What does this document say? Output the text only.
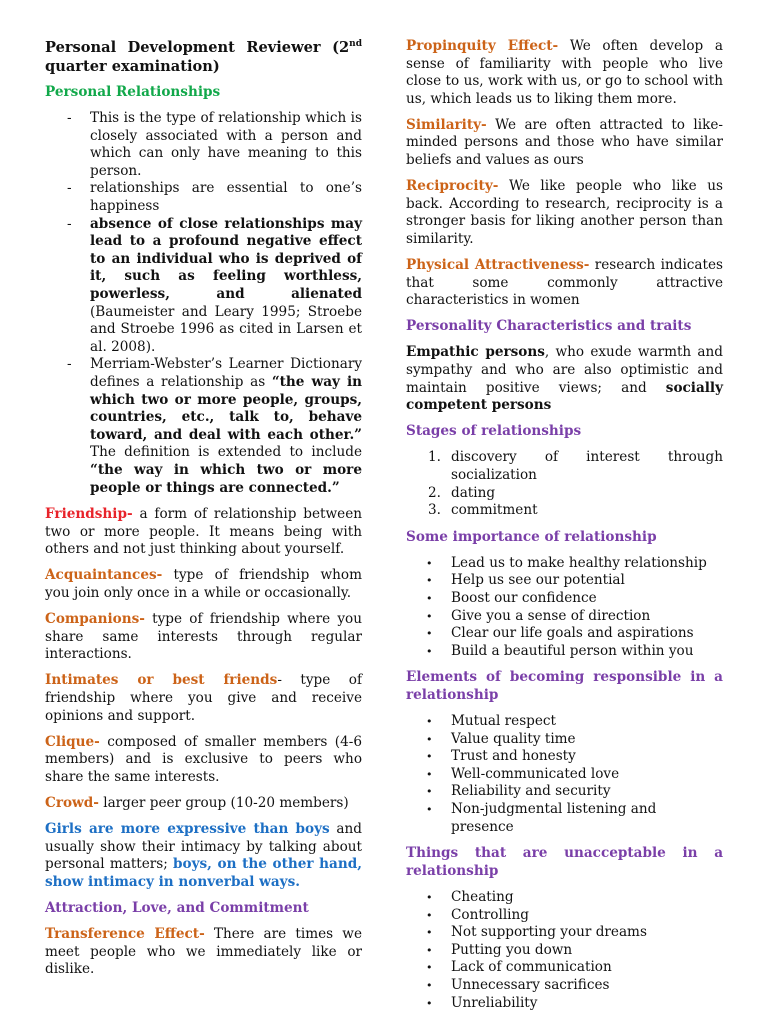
Personal Development Reviewer (2nd quarter examination)

Personal Relationships

- This is the type of relationship which is closely associated with a person and which can only have meaning to this person.
- relationships are essential to one’s happiness
- absence of close relationships may lead to a profound negative effect to an individual who is deprived of it, such as feeling worthless, powerless, and alienated (Baumeister and Leary 1995; Stroebe and Stroebe 1996 as cited in Larsen et al. 2008).
- Merriam-Webster’s Learner Dictionary defines a relationship as “the way in which two or more people, groups, countries, etc., talk to, behave toward, and deal with each other.” The definition is extended to include “the way in which two or more people or things are connected.”

Friendship- a form of relationship between two or more people. It means being with others and not just thinking about yourself.

Acquaintances- type of friendship whom you join only once in a while or occasionally.

Companions- type of friendship where you share same interests through regular interactions.

Intimates or best friends- type of friendship where you give and receive opinions and support.

Clique- composed of smaller members (4-6 members) and is exclusive to peers who share the same interests.

Crowd- larger peer group (10-20 members)

Girls are more expressive than boys and usually show their intimacy by talking about personal matters; boys, on the other hand, show intimacy in nonverbal ways.

Attraction, Love, and Commitment

Transference Effect- There are times we meet people who we immediately like or dislike.

Propinquity Effect- We often develop a sense of familiarity with people who live close to us, work with us, or go to school with us, which leads us to liking them more.

Similarity- We are often attracted to like-minded persons and those who have similar beliefs and values as ours

Reciprocity- We like people who like us back. According to research, reciprocity is a stronger basis for liking another person than similarity.

Physical Attractiveness- research indicates that some commonly attractive characteristics in women

Personality Characteristics and traits

Empathic persons, who exude warmth and sympathy and who are also optimistic and maintain positive views; and socially competent persons

Stages of relationships

1. discovery of interest through socialization
2. dating
3. commitment

Some importance of relationship

• Lead us to make healthy relationship
• Help us see our potential
• Boost our confidence
• Give you a sense of direction
• Clear our life goals and aspirations
• Build a beautiful person within you

Elements of becoming responsible in a relationship

• Mutual respect
• Value quality time
• Trust and honesty
• Well-communicated love
• Reliability and security
• Non-judgmental listening and presence

Things that are unacceptable in a relationship

• Cheating
• Controlling
• Not supporting your dreams
• Putting you down
• Lack of communication
• Unnecessary sacrifices
• Unreliability
